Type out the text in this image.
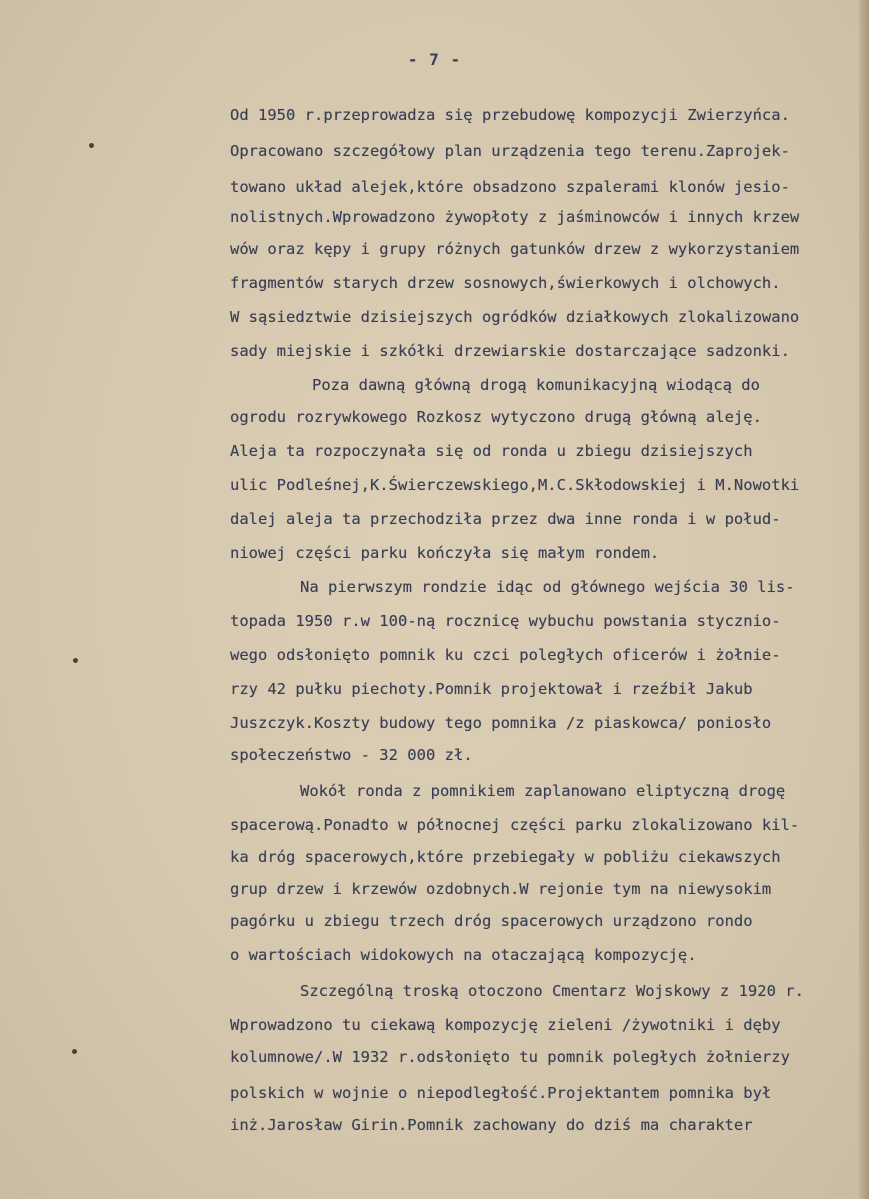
- 7 -
Od 1950 r.przeprowadza się przebudowę kompozycji Zwierzyńca.
Opracowano szczegółowy plan urządzenia tego terenu.Zaprojek-
towano układ alejek,które obsadzono szpalerami klonów jesio-
nolistnych.Wprowadzono żywopłoty z jaśminowców i innych krzew
wów oraz kępy i grupy różnych gatunków drzew z wykorzystaniem
fragmentów starych drzew sosnowych,świerkowych i olchowych.
W sąsiedztwie dzisiejszych ogródków działkowych zlokalizowano
sady miejskie i szkółki drzewiarskie dostarczające sadzonki.
Poza dawną główną drogą komunikacyjną wiodącą do
ogrodu rozrywkowego Rozkosz wytyczono drugą główną aleję.
Aleja ta rozpoczynała się od ronda u zbiegu dzisiejszych
ulic Podleśnej,K.Świerczewskiego,M.C.Skłodowskiej i M.Nowotki
dalej aleja ta przechodziła przez dwa inne ronda i w połud-
niowej części parku kończyła się małym rondem.
Na pierwszym rondzie idąc od głównego wejścia 30 lis-
topada 1950 r.w 100-ną rocznicę wybuchu powstania styczniо-
wego odsłonięto pomnik ku czci poległych oficerów i żołnie-
rzy 42 pułku piechoty.Pomnik projektował i rzeźbił Jakub
Juszczyk.Koszty budowy tego pomnika /z piaskowca/ poniosło
społeczeństwo - 32 000 zł.
Wokół ronda z pomnikiem zaplanowano eliptyczną drogę
spacerową.Ponadto w północnej części parku zlokalizowano kil-
ka dróg spacerowych,które przebiegały w pobliżu ciekawszych
grup drzew i krzewów ozdobnych.W rejonie tym na niewysokim
pagórku u zbiegu trzech dróg spacerowych urządzono rondo
o wartościach widokowych na otaczającą kompozycję.
Szczególną troską otoczono Cmentarz Wojskowy z 1920 r.
Wprowadzono tu ciekawą kompozycję zieleni /żywotniki i dęby
kolumnowe/.W 1932 r.odsłonięto tu pomnik poległych żołnierzy
polskich w wojnie o niepodległość.Projektantem pomnika był
inż.Jarosław Girin.Pomnik zachowany do dziś ma charakter
